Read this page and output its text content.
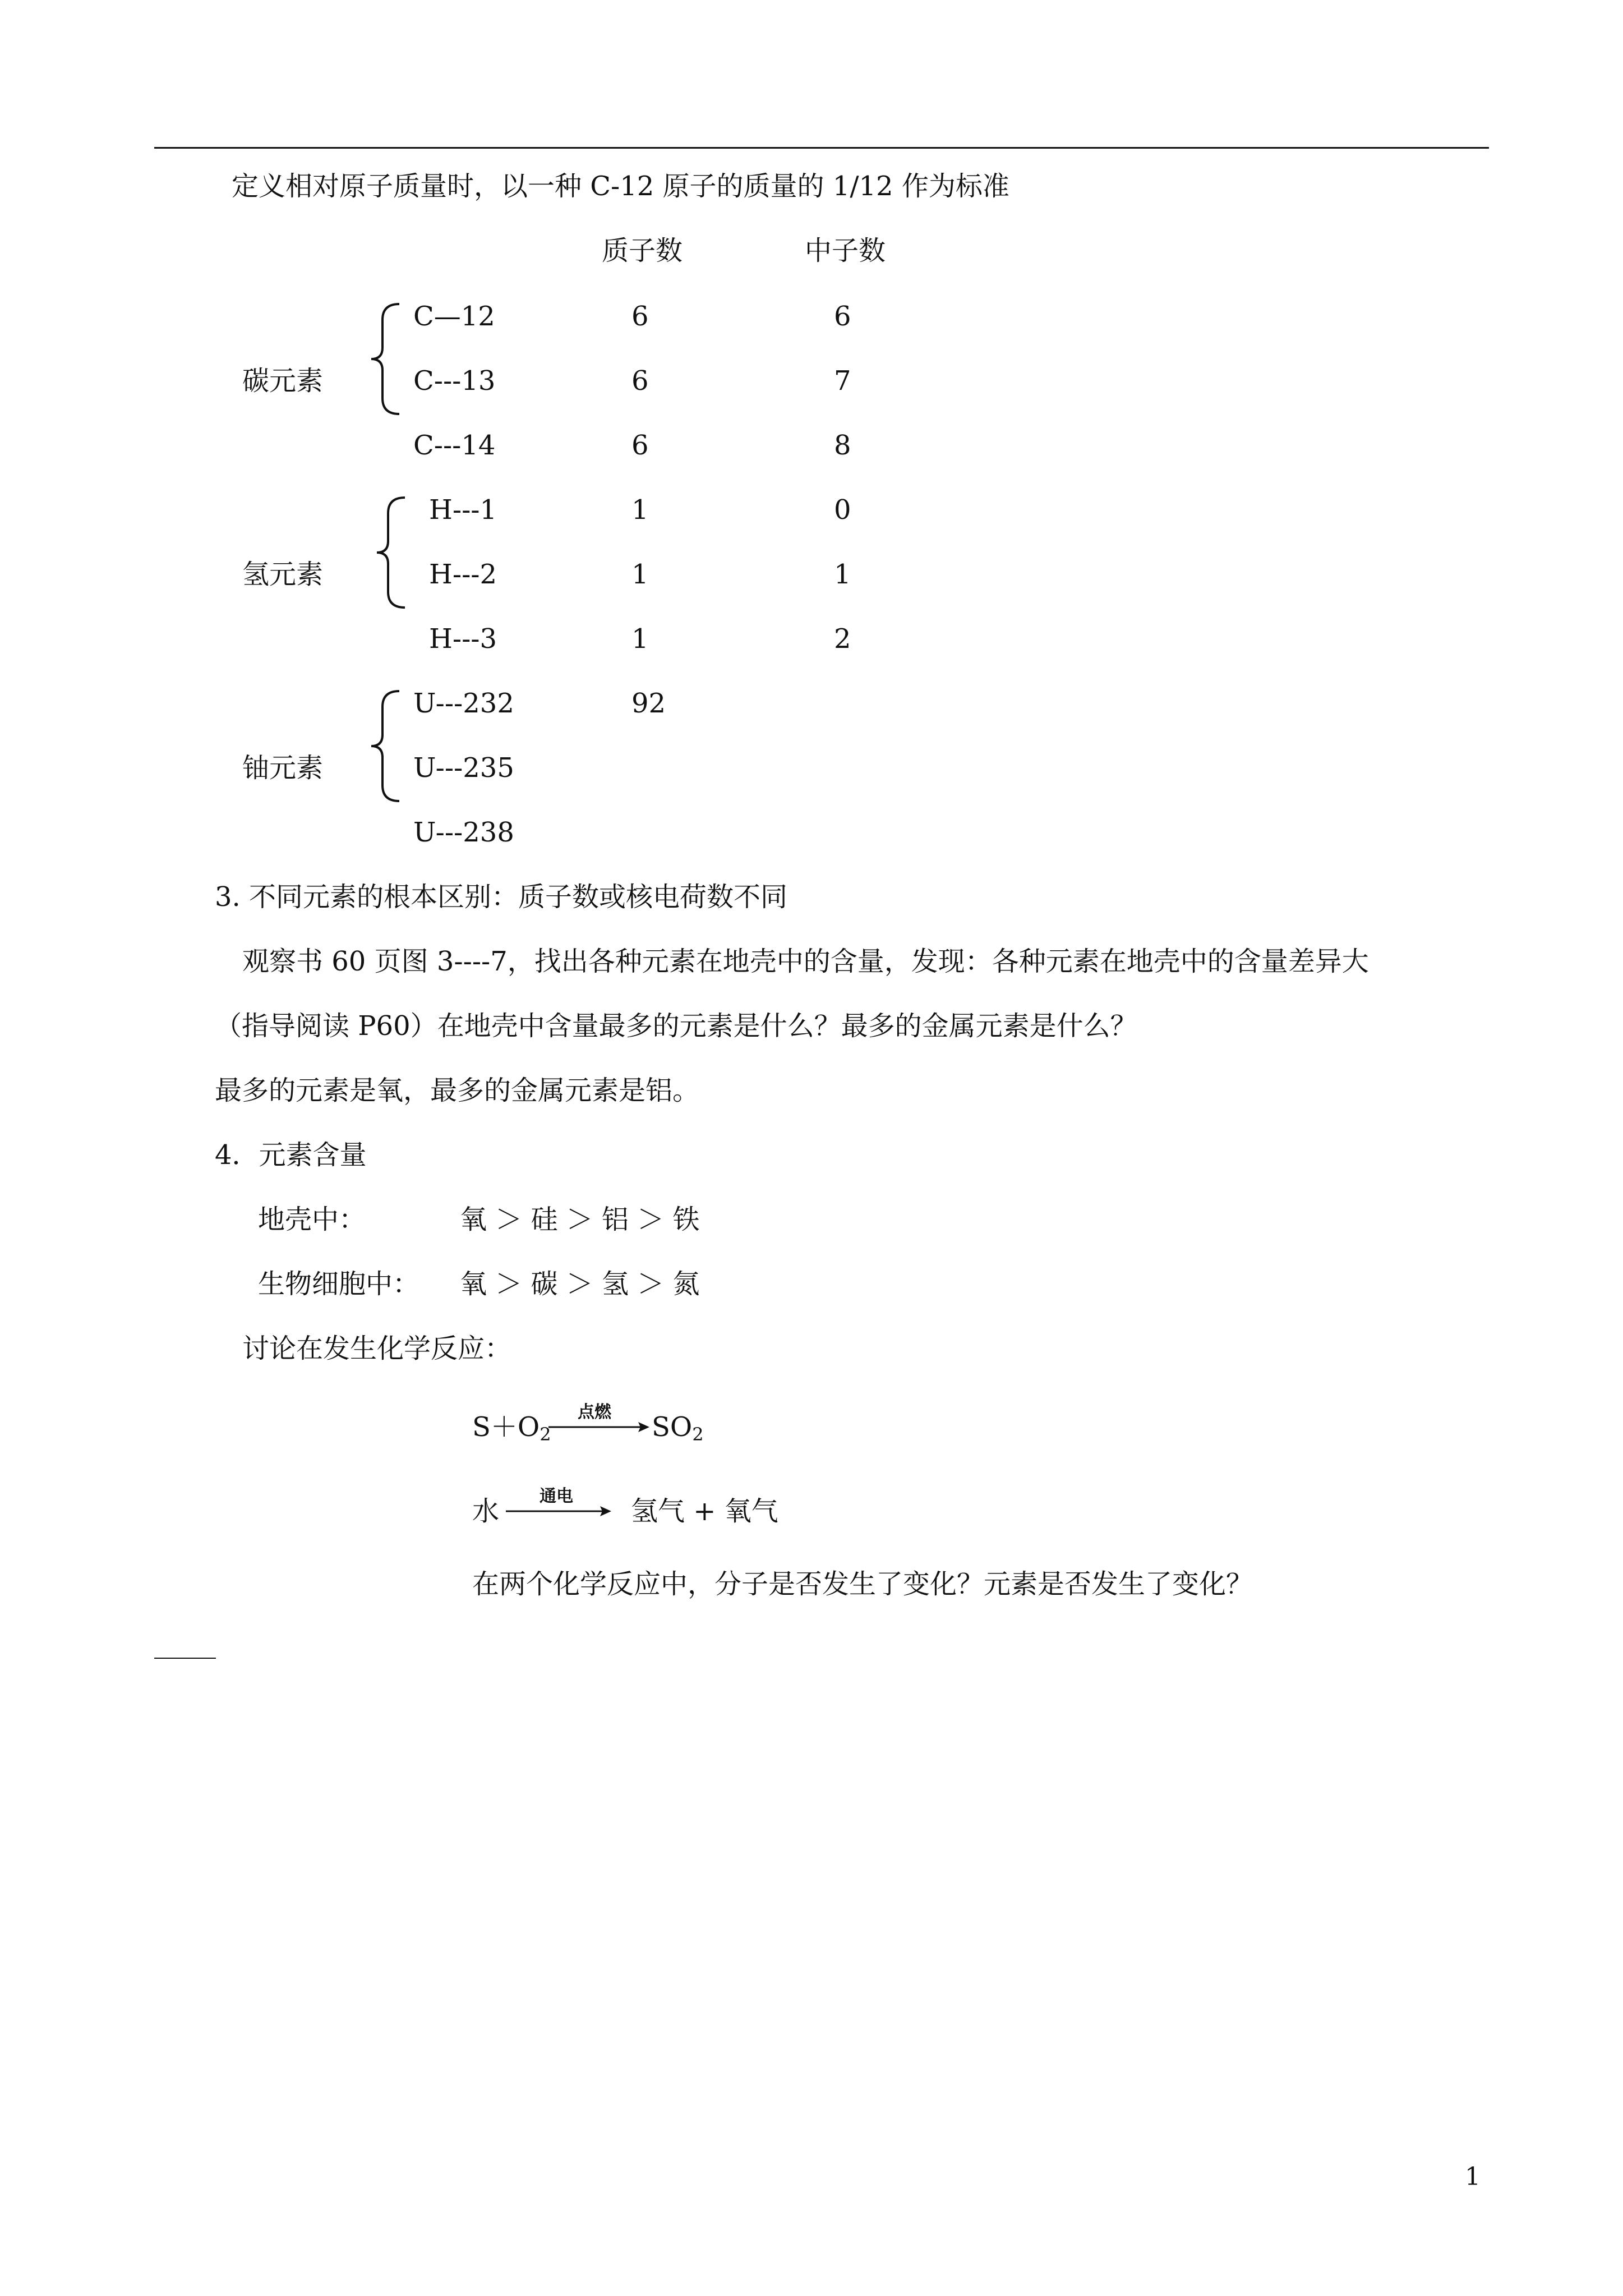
定义相对原子质量时，以一种 C-12 原子的质量的 1/12 作为标准
质子数	中子数
碳元素
C—12	6	6
C---13	6	7
C---14	6	8
氢元素
H---1	1	0
H---2	1	1
H---3	1	2
铀元素
U---232	92
U---235
U---238
3. 不同元素的根本区别：质子数或核电荷数不同
观察书 60 页图 3----7，找出各种元素在地壳中的含量，发现：各种元素在地壳中的含量差异大
（指导阅读 P60）在地壳中含量最多的元素是什么？最多的金属元素是什么？
最多的元素是氧，最多的金属元素是铝。
4．元素含量
地壳中：	氧 ＞ 硅 ＞ 铝 ＞ 铁
生物细胞中： 氧 ＞ 碳 ＞ 氢 ＞ 氮
讨论在发生化学反应：
$S+O_2$
点燃 $SO_2$
水 通电 氢气 + 氧气
在两个化学反应中，分子是否发生了变化？元素是否发生了变化？
1
